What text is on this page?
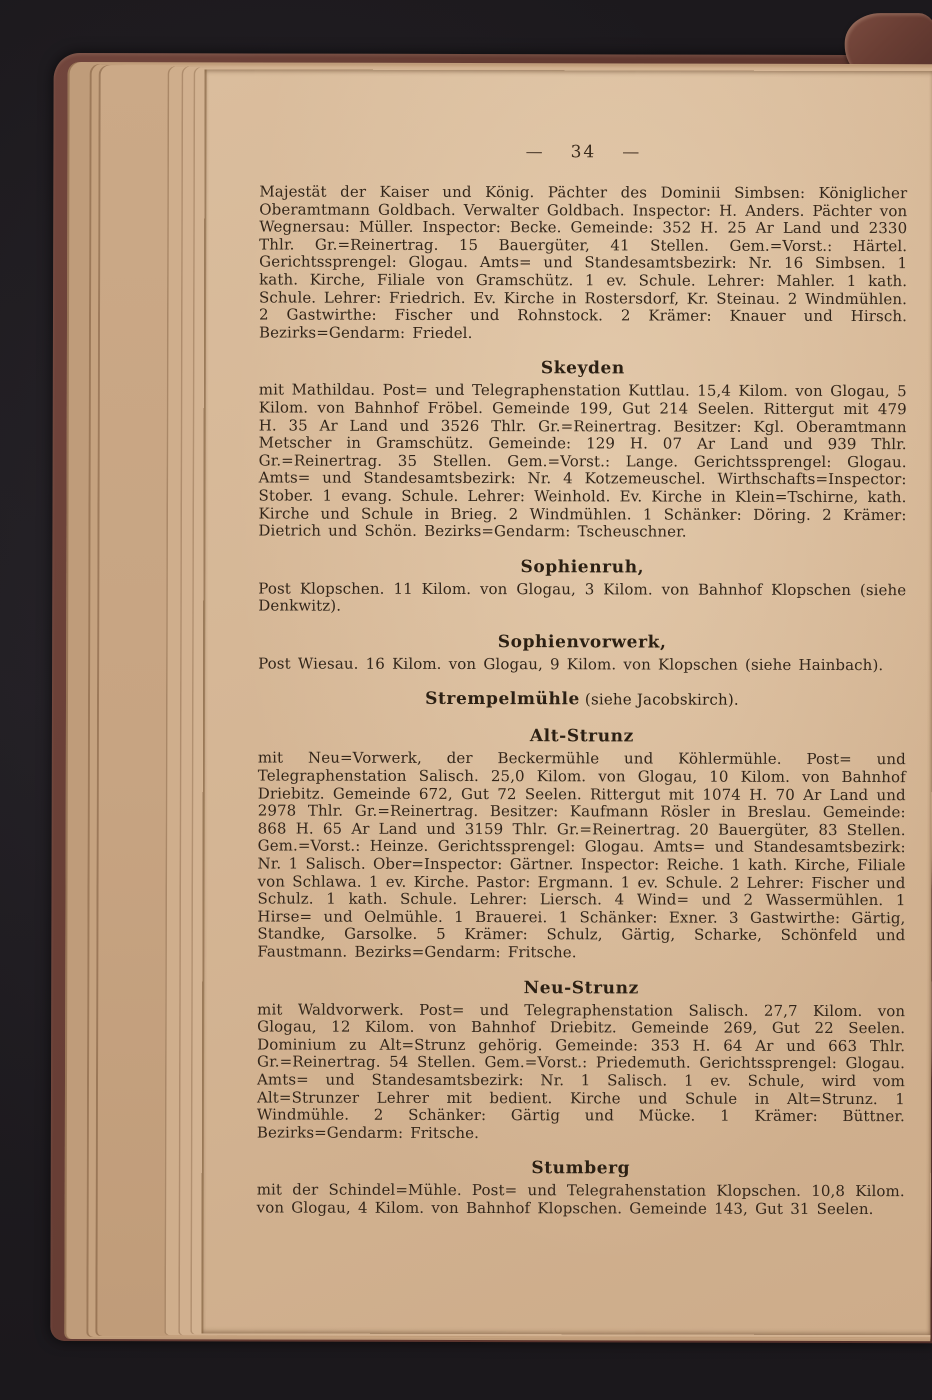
— 34 —

Majestät der Kaiser und König. Pächter des Dominii Simbsen: Königlicher Oberamtmann Goldbach. Verwalter Goldbach. Inspector: H. Anders. Pächter von Wegnersau: Müller. Inspector: Becke. Gemeinde: 352 H. 25 Ar Land und 2330 Thlr. Gr.=Reinertrag. 15 Bauergüter, 41 Stellen. Gem.=Vorst.: Härtel. Gerichtssprengel: Glogau. Amts= und Standesamtsbezirk: Nr. 16 Simbsen. 1 kath. Kirche, Filiale von Gramschütz. 1 ev. Schule. Lehrer: Mahler. 1 kath. Schule. Lehrer: Friedrich. Ev. Kirche in Rostersdorf, Kr. Steinau. 2 Windmühlen. 2 Gastwirthe: Fischer und Rohnstock. 2 Krämer: Knauer und Hirsch. Bezirks=Gendarm: Friedel.

Skeyden

mit Mathildau. Post= und Telegraphenstation Kuttlau. 15,4 Kilom. von Glogau, 5 Kilom. von Bahnhof Fröbel. Gemeinde 199, Gut 214 Seelen. Rittergut mit 479 H. 35 Ar Land und 3526 Thlr. Gr.=Reinertrag. Besitzer: Kgl. Oberamtmann Metscher in Gramschütz. Gemeinde: 129 H. 07 Ar Land und 939 Thlr. Gr.=Reinertrag. 35 Stellen. Gem.=Vorst.: Lange. Gerichtssprengel: Glogau. Amts= und Standesamtsbezirk: Nr. 4 Kotzemeuschel. Wirthschafts=Inspector: Stober. 1 evang. Schule. Lehrer: Weinhold. Ev. Kirche in Klein=Tschirne, kath. Kirche und Schule in Brieg. 2 Windmühlen. 1 Schänker: Döring. 2 Krämer: Dietrich und Schön. Bezirks=Gendarm: Tscheuschner.

Sophienruh,

Post Klopschen. 11 Kilom. von Glogau, 3 Kilom. von Bahnhof Klopschen (siehe Denkwitz).

Sophienvorwerk,

Post Wiesau. 16 Kilom. von Glogau, 9 Kilom. von Klopschen (siehe Hainbach).

Strempelmühle (siehe Jacobskirch).
Alt-Strunz

mit Neu=Vorwerk, der Beckermühle und Köhlermühle. Post= und Telegraphenstation Salisch. 25,0 Kilom. von Glogau, 10 Kilom. von Bahnhof Driebitz. Gemeinde 672, Gut 72 Seelen. Rittergut mit 1074 H. 70 Ar Land und 2978 Thlr. Gr.=Reinertrag. Besitzer: Kaufmann Rösler in Breslau. Gemeinde: 868 H. 65 Ar Land und 3159 Thlr. Gr.=Reinertrag. 20 Bauergüter, 83 Stellen. Gem.=Vorst.: Heinze. Gerichtssprengel: Glogau. Amts= und Standesamtsbezirk: Nr. 1 Salisch. Ober=Inspector: Gärtner. Inspector: Reiche. 1 kath. Kirche, Filiale von Schlawa. 1 ev. Kirche. Pastor: Ergmann. 1 ev. Schule. 2 Lehrer: Fischer und Schulz. 1 kath. Schule. Lehrer: Liersch. 4 Wind= und 2 Wassermühlen. 1 Hirse= und Oelmühle. 1 Brauerei. 1 Schänker: Exner. 3 Gastwirthe: Gärtig, Standke, Garsolke. 5 Krämer: Schulz, Gärtig, Scharke, Schönfeld und Faustmann. Bezirks=Gendarm: Fritsche.

Neu-Strunz

mit Waldvorwerk. Post= und Telegraphenstation Salisch. 27,7 Kilom. von Glogau, 12 Kilom. von Bahnhof Driebitz. Gemeinde 269, Gut 22 Seelen. Dominium zu Alt=Strunz gehörig. Gemeinde: 353 H. 64 Ar und 663 Thlr. Gr.=Reinertrag. 54 Stellen. Gem.=Vorst.: Priedemuth. Gerichtssprengel: Glogau. Amts= und Standesamtsbezirk: Nr. 1 Salisch. 1 ev. Schule, wird vom Alt=Strunzer Lehrer mit bedient. Kirche und Schule in Alt=Strunz. 1 Windmühle. 2 Schänker: Gärtig und Mücke. 1 Krämer: Büttner. Bezirks=Gendarm: Fritsche.

Stumberg

mit der Schindel=Mühle. Post= und Telegrahenstation Klopschen. 10,8 Kilom. von Glogau, 4 Kilom. von Bahnhof Klopschen. Gemeinde 143, Gut 31 Seelen.
